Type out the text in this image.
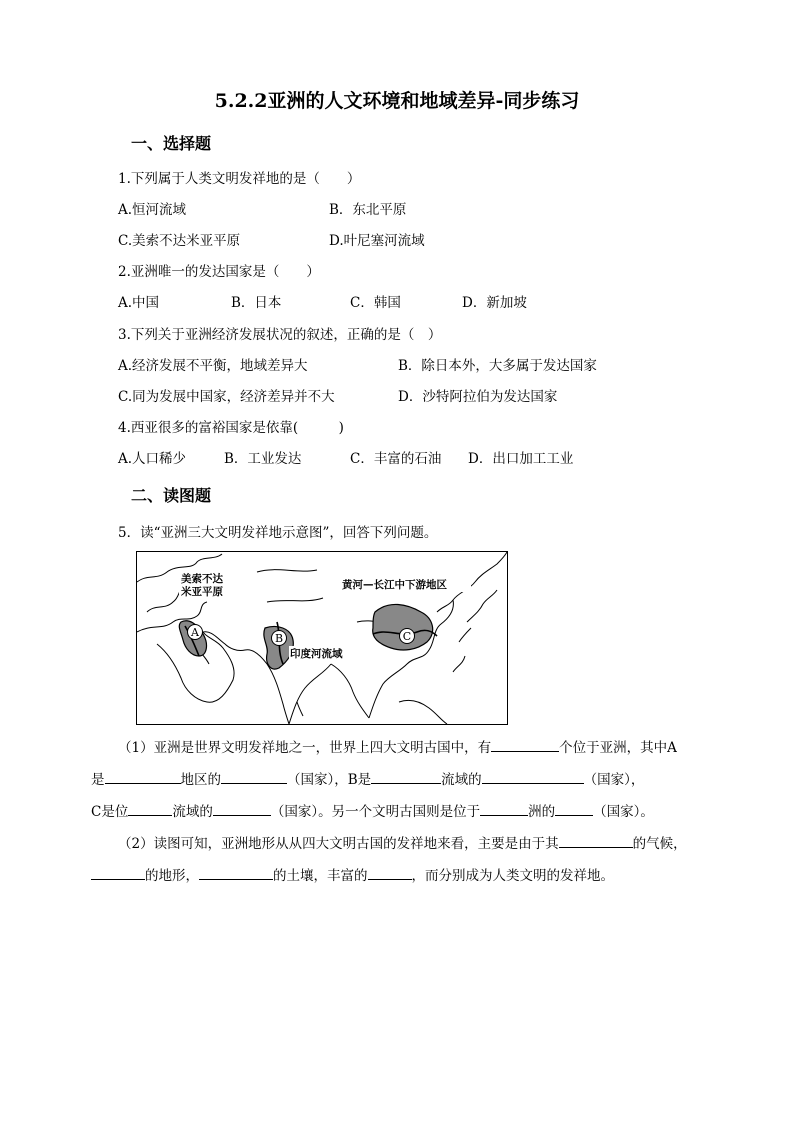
5.2.2亚洲的人文环境和地域差异-同步练习
一、选择题
1.下列属于人类文明发祥地的是（　　）
A.恒河流域	B．东北平原
C.美索不达米亚平原	D.叶尼塞河流域
2.亚洲唯一的发达国家是（　　）
A.中国	B．日本	C．韩国	D．新加坡
3.下列关于亚洲经济发展状况的叙述，正确的是（　）
A.经济发展不平衡，地域差异大	B．除日本外，大多属于发达国家
C.同为发展中国家，经济差异并不大	D．沙特阿拉伯为发达国家
4.西亚很多的富裕国家是依靠(　　　)
A.人口稀少	B．工业发达	C．丰富的石油 D．出口加工工业
二、读图题
5．读“亚洲三大文明发祥地示意图”，回答下列问题。
A	B	C
美索不达
米亚平原
黄河—长江中下游地区
印度河流域
（1）亚洲是世界文明发祥地之一，世界上四大文明古国中，有	个位于亚洲，其中A
是	地区的	（国家），B是	流域的	（国家），
C是位	流域的	（国家）。另一个文明古国则是位于	洲的	（国家）。
（2）读图可知，亚洲地形从从四大文明古国的发祥地来看，主要是由于其	的气候，
的地形，	的土壤，丰富的	，而分别成为人类文明的发祥地。
